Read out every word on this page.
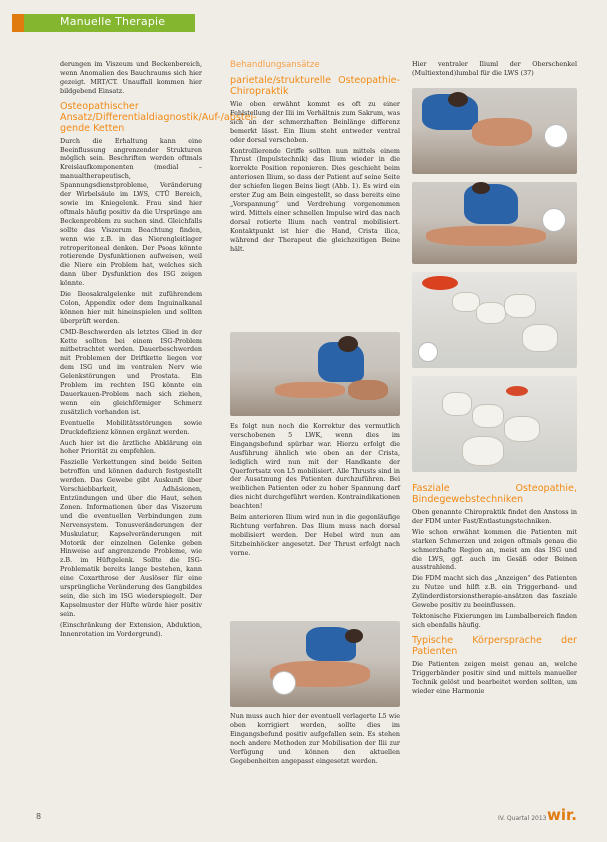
Manuelle Therapie

derungen im Viszeum und Beckenbereich, wenn Anomalien des Bauchraums sich hier gezeigt. MRT/CT. Unauffall kommen hier bildgebend Einsatz.

Osteopathischer Ansatz/Differentialdiagnostik/Auf-/abstei- gende Ketten

Durch die Erhaltung kann eine Beeinflussung angrenzender Strukturen möglich sein. Beschriften werden oftmals Kreislaufkomponenten (medial – manualtherapeutisch, Spannungsdienstprobleme, Veränderung der Wirbelsäule im LWS, CTÜ Bereich, sowie im Kniegelenk. Frau sind hier oftmals häufig positiv da die Ursprünge am Beckenproblem zu suchen sind. Gleichfalls sollte das Viszerum Beachtung finden, wenn wie z.B. in das Nierengleitlager retroperitoneal denken. Der Psoas könnte rotierende Dysfunktionen aufweisen, weil die Niere ein Problem hat, welches sich dann über Dysfunktion des ISG zeigen könnte.

Die Ileosakralgelenke mit zuführendem Colon, Appendix oder dem Inguinalkanal können hier mit hineinspielen und sollten überprüft werden.

CMD-Beschwerden als letztes Glied in der Kette sollten bei einem ISG-Problem mitbetrachtet werden. Dauerbeschwerden mit Problemen der Driftkette liegen vor dem ISG und im ventralen Nerv wie Gelenkstörungen und Prostata. Ein Problem im rechten ISG könnte ein Dauerkauen-Problem nach sich ziehen, wenn ein gleichförmiger Schmerz zusätzlich vorhanden ist.

Eventuelle Mobilitätsstörungen sowie Druckdefizienz können ergänzt werden.

Auch hier ist die ärztliche Abklärung ein hoher Priorität zu empfehlen.

Faszielle Verkettungen sind beide Seiten betroffen und können dadurch festgestellt werden. Das Gewebe gibt Auskunft über Verschiebbarkeit, Adhäsionen, Entzündungen und über die Haut, sehen Zonen. Informationen über das Viszerum und die eventuellen Verbindungen zum Nervensystem. Tonusveränderungen der Muskulatur, Kapselveränderungen mit Motorik der einzelnen Gelenke geben Hinweise auf angrenzende Probleme, wie z.B. im Hüftgelenk. Sollte die ISG-Problematik bereits lange bestehen, kann eine Coxarthrose der Auslöser für eine ursprüngliche Veränderung des Gangbildes sein, die sich im ISG wiederspiegelt. Der Kapselmuster der Hüfte würde hier positiv sein.

(Einschränkung der Extension, Abduktion, Innenrotation im Vordergrund).

Behandlungsansätze
parietale/strukturelle Osteopathie-Chiropraktik

Wie oben erwähnt kommt es oft zu einer Fehlstellung der Ilii im Verhältnis zum Sakrum, was sich an der schmerzhaften Beinlänge differenz bemerkt lässt. Ein Ilium steht entweder ventral oder dorsal verschoben.

Kontrollierende Griffe sollten nun mittels einem Thrust (Impulstechnik) das Ilium wieder in die korrekte Position reponieren. Dies geschieht beim anteriosen Ilium, so dass der Patient auf seine Seite der schiefen liegen Beins liegt (Abb. 1). Es wird ein erster Zug am Bein eingestellt, so dass bereits eine „Vorspannung“ und Verdrehung vorgenommen wird. Mittels einer schnellen Impulse wird das nach dorsal rotierte Ilium nach ventral mobilisiert. Kontaktpunkt ist hier die Hand, Crista ilica, während der Therapeut die gleichzeitigen Beine hält.

Es folgt nun noch die Korrektur des vermutlich verschobenen 5 LWK, wenn dies im Eingangsbefund spürbar war. Hierzu erfolgt die Ausführung ähnlich wie oben an der Crista, lediglich wird nun mit der Handkante der Querfortsatz von L5 mobilisiert. Alle Thrusts sind in der Ausatmung des Patienten durchzuführen. Bei weiblichen Patienten oder zu hoher Spannung darf dies nicht durchgeführt werden. Kontraindikationen beachten!

Beim anterioren Ilium wird nun in die gegenläufige Richtung verfahren. Das Ilium muss nach dorsal mobilisiert werden. Der Hebel wird nun am Sitzbeinhöcker angesetzt. Der Thrust erfolgt nach vorne.

Nun muss auch hier der eventuell verlagerte L5 wie oben korrigiert werden, sollte dies im Eingangsbefund positiv aufgefallen sein. Es stehen noch andere Methoden zur Mobilisation der Ilii zur Verfügung und können den aktuellen Gegebenheiten angepasst eingesetzt werden.

Hier ventraler Iliuml der Oberschenkel (Multiextend)lumbal für die LWS (37)

Fasziale Osteopathie, Bindegewebstechniken

Oben genannte Chiropraktik findet den Anstoss in der FDM unter Fast/Entlastungstechniken.

Wie schon erwähnt kommen die Patienten mit starken Schmerzen und zeigen oftmals genau die schmerzhafte Region an, meist am das ISG und die LWS, ggf. auch im Gesäß oder Beinen ausstrahlend.

Die FDM macht sich das „Anzeigen“ des Patienten zu Nutze und hilft z.B. ein Triggerband- und Zylinderdistorsionstherapie-ansätzen das fasziale Gewebe positiv zu beeinflussen.

Tektonische Fixierungen im Lumbalbereich finden sich ebenfalls häufig.

Typische Körpersprache der Patienten

Die Patienten zeigen meist genau an, welche Triggerbänder positiv sind und mittels manueller Technik gelöst und bearbeitet werden sollten, um wieder eine Harmonie

8	IV. Quartal 2013 wir.
